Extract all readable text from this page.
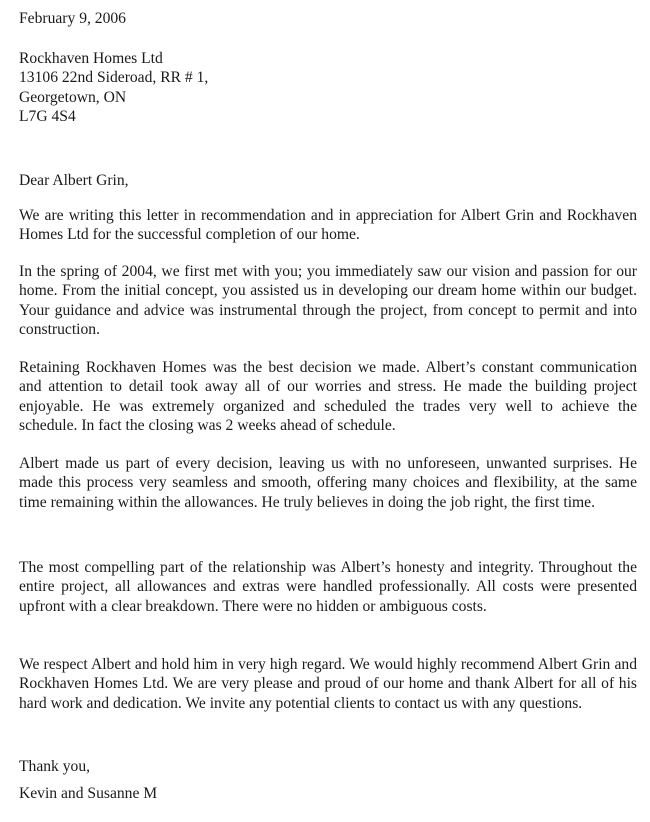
February 9, 2006
Rockhaven Homes Ltd
13106 22nd Sideroad, RR # 1,
Georgetown, ON
L7G 4S4
Dear Albert Grin,

We are writing this letter in recommendation and in appreciation for Albert Grin and Rockhaven Homes Ltd for the successful completion of our home.

In the spring of 2004, we first met with you; you immediately saw our vision and passion for our home. From the initial concept, you assisted us in developing our dream home within our budget. Your guidance and advice was instrumental through the project, from concept to permit and into construction.

Retaining Rockhaven Homes was the best decision we made. Albert’s constant communication and attention to detail took away all of our worries and stress. He made the building project enjoyable. He was extremely organized and scheduled the trades very well to achieve the schedule. In fact the closing was 2 weeks ahead of schedule.

Albert made us part of every decision, leaving us with no unforeseen, unwanted surprises. He made this process very seamless and smooth, offering many choices and flexibility, at the same time remaining within the allowances. He truly believes in doing the job right, the first time.

The most compelling part of the relationship was Albert’s honesty and integrity. Throughout the entire project, all allowances and extras were handled professionally. All costs were presented upfront with a clear breakdown. There were no hidden or ambiguous costs.

We respect Albert and hold him in very high regard. We would highly recommend Albert Grin and Rockhaven Homes Ltd. We are very please and proud of our home and thank Albert for all of his hard work and dedication. We invite any potential clients to contact us with any questions.

Thank you,
Kevin and Susanne M
